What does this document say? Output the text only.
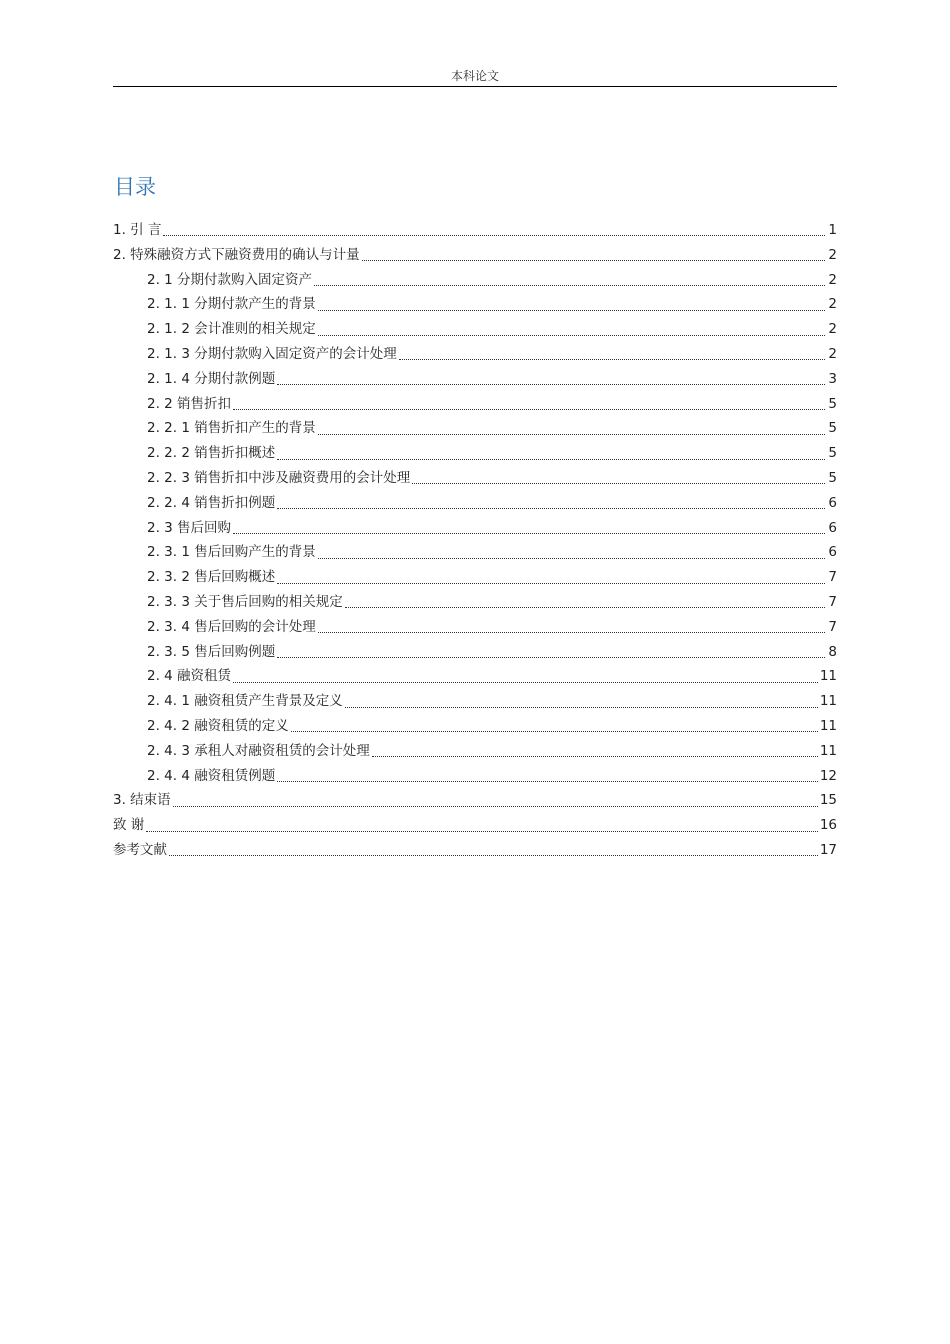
本科论文
目录
1. 引 言	1
2. 特殊融资方式下融资费用的确认与计量	2
2. 1 分期付款购入固定资产	2
2. 1. 1 分期付款产生的背景	2
2. 1. 2 会计准则的相关规定	2
2. 1. 3 分期付款购入固定资产的会计处理	2
2. 1. 4 分期付款例题	3
2. 2 销售折扣	5
2. 2. 1 销售折扣产生的背景	5
2. 2. 2 销售折扣概述	5
2. 2. 3 销售折扣中涉及融资费用的会计处理	5
2. 2. 4 销售折扣例题	6
2. 3 售后回购	6
2. 3. 1 售后回购产生的背景	6
2. 3. 2 售后回购概述	7
2. 3. 3 关于售后回购的相关规定	7
2. 3. 4 售后回购的会计处理	7
2. 3. 5 售后回购例题	8
2. 4 融资租赁	11
2. 4. 1 融资租赁产生背景及定义	11
2. 4. 2 融资租赁的定义	11
2. 4. 3 承租人对融资租赁的会计处理	11
2. 4. 4 融资租赁例题	12
3. 结束语	15
致 谢	16
参考文献	17
